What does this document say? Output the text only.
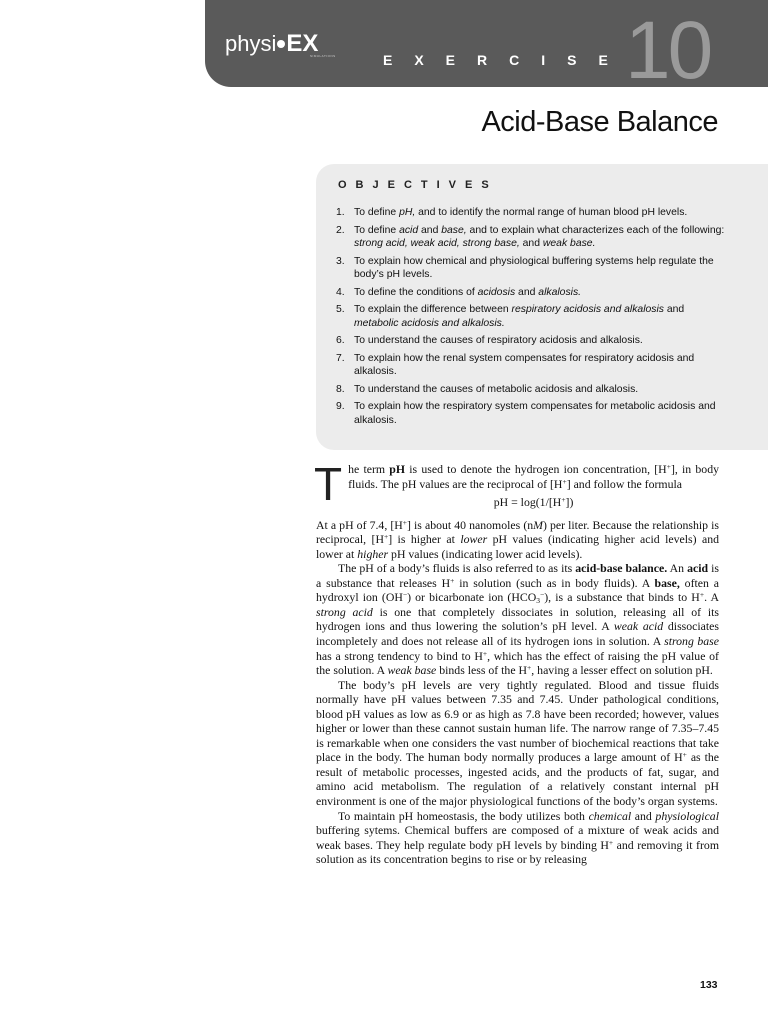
physi EX
SIMULATIONS	EXERCISE
10
Acid-Base Balance
OBJECTIVES
1. To define pH, and to identify the normal range of human blood pH levels.
2. To define acid and base, and to explain what characterizes each of the following: strong acid, weak acid, strong base, and weak base.
3. To explain how chemical and physiological buffering systems help regulate the body’s pH levels.
4. To define the conditions of acidosis and alkalosis.
5. To explain the difference between respiratory acidosis and alkalosis and metabolic acidosis and alkalosis.
6. To understand the causes of respiratory acidosis and alkalosis.
7. To explain how the renal system compensates for respiratory acidosis and alkalosis.
8. To understand the causes of metabolic acidosis and alkalosis.
9. To explain how the respiratory system compensates for metabolic acidosis and alkalosis.

The term pH is used to denote the hydrogen ion concentration, [H+], in body fluids. The pH values are the reciprocal of [H+] and follow the formula

pH = log(1/[H+])

At a pH of 7.4, [H+] is about 40 nanomoles (nM) per liter. Because the relationship is reciprocal, [H+] is higher at lower pH values (indicating higher acid levels) and lower at higher pH values (indicating lower acid levels).

The pH of a body’s fluids is also referred to as its acid-base balance. An acid is a substance that releases H+ in solution (such as in body fluids). A base, often a hydroxyl ion (OH−) or bicarbonate ion $(HCO_3^-)$, is a substance that binds to H+. A strong acid is one that completely dissociates in solution, releasing all of its hydrogen ions and thus lowering the solution’s pH level. A weak acid dissociates incompletely and does not release all of its hydrogen ions in solution. A strong base has a strong tendency to bind to H+, which has the effect of raising the pH value of the solution. A weak base binds less of the H+, having a lesser effect on solution pH.

The body’s pH levels are very tightly regulated. Blood and tissue fluids normally have pH values between 7.35 and 7.45. Under pathological conditions, blood pH values as low as 6.9 or as high as 7.8 have been recorded; however, values higher or lower than these cannot sustain human life. The narrow range of 7.35–7.45 is remarkable when one considers the vast number of biochemical reactions that take place in the body. The human body normally produces a large amount of H+ as the result of metabolic processes, ingested acids, and the products of fat, sugar, and amino acid metabolism. The regulation of a relatively constant internal pH environment is one of the major physiological functions of the body’s organ systems.

To maintain pH homeostasis, the body utilizes both chemical and physiological buffering sytems. Chemical buffers are composed of a mixture of weak acids and weak bases. They help regulate body pH levels by binding H+ and removing it from solution as its concentration begins to rise or by releasing

133
